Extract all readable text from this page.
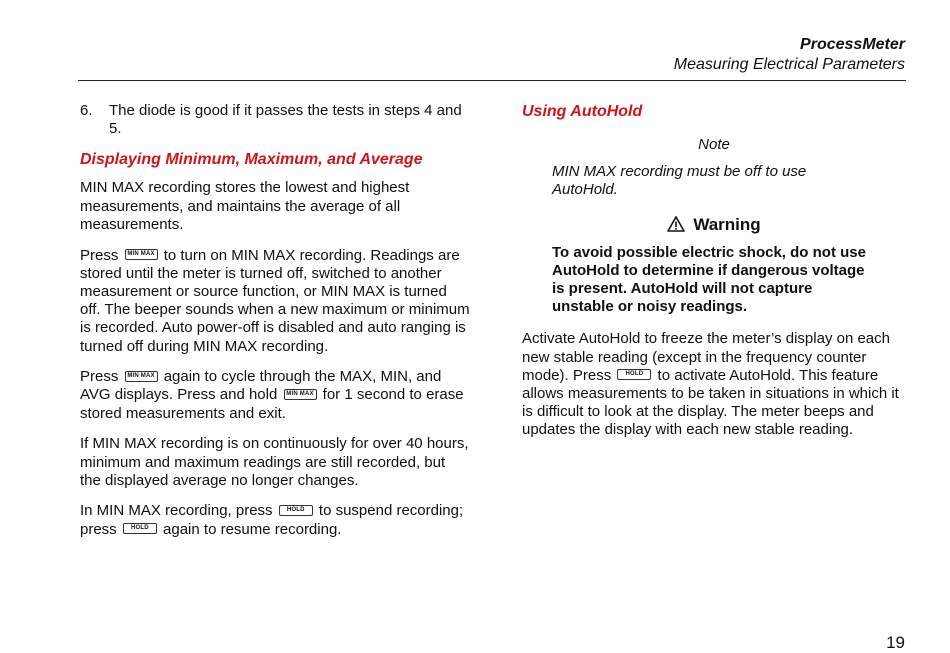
ProcessMeter
Measuring Electrical Parameters
6.	The diode is good if it passes the tests in steps 4 and 5.
Displaying Minimum, Maximum, and Average

MIN MAX recording stores the lowest and highest measurements, and maintains the average of all measurements.

Press MIN MAX to turn on MIN MAX recording. Readings are stored until the meter is turned off, switched to another measurement or source function, or MIN MAX is turned off. The beeper sounds when a new maximum or minimum is recorded. Auto power-off is disabled and auto ranging is turned off during MIN MAX recording.

Press MIN MAX again to cycle through the MAX, MIN, and AVG displays. Press and hold MIN MAX for 1 second to erase stored measurements and exit.

If MIN MAX recording is on continuously for over 40 hours, minimum and maximum readings are still recorded, but the displayed average no longer changes.

In MIN MAX recording, press HOLD to suspend recording; press HOLD again to resume recording.

Using AutoHold
Note
MIN MAX recording must be off to use AutoHold.
Warning
To avoid possible electric shock, do not use AutoHold to determine if dangerous voltage is present. AutoHold will not capture unstable or noisy readings.

Activate AutoHold to freeze the meter’s display on each new stable reading (except in the frequency counter mode). Press HOLD to activate AutoHold. This feature allows measurements to be taken in situations in which it is difficult to look at the display. The meter beeps and updates the display with each new stable reading.

19
